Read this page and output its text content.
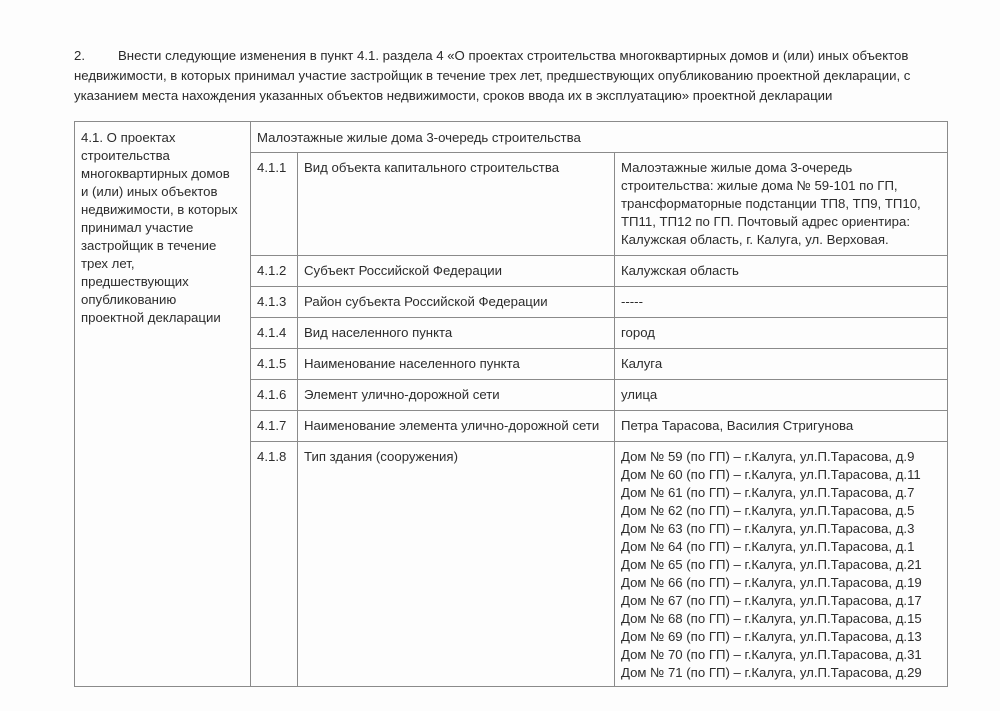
2.	Внести следующие изменения в пункт 4.1. раздела 4 «О проектах строительства многоквартирных домов и (или) иных объектов
недвижимости, в которых принимал участие застройщик в течение трех лет, предшествующих опубликованию проектной декларации, с
указанием места нахождения указанных объектов недвижимости, сроков ввода их в эксплуатацию» проектной декларации
4.1. О проектах
строительства
многоквартирных домов
и (или) иных объектов
недвижимости, в которых
принимал участие
застройщик в течение
трех лет,
предшествующих
опубликованию
проектной декларации
	Малоэтажные жилые дома 3-очередь строительства
	4.1.1	Вид объекта капитального строительства	Малоэтажные жилые дома 3-очередь строительства: жилые дома № 59-101 по ГП, трансформаторные подстанции ТП8, ТП9, ТП10, ТП11, ТП12 по ГП. Почтовый адрес ориентира: Калужская область, г. Калуга, ул. Верховая.
	4.1.2	Субъект Российской Федерации	Калужская область
	4.1.3	Район субъекта Российской Федерации	-----
	4.1.4	Вид населенного пункта	город
	4.1.5	Наименование населенного пункта	Калуга
	4.1.6	Элемент улично-дорожной сети	улица
	4.1.7	Наименование элемента улично-дорожной сети	Петра Тарасова, Василия Стригунова
4.1.8	Тип здания (сооружения)	Дом № 59 (по ГП) – г.Калуга, ул.П.Тарасова, д.9
Дом № 60 (по ГП) – г.Калуга, ул.П.Тарасова, д.11
Дом № 61 (по ГП) – г.Калуга, ул.П.Тарасова, д.7
Дом № 62 (по ГП) – г.Калуга, ул.П.Тарасова, д.5
Дом № 63 (по ГП) – г.Калуга, ул.П.Тарасова, д.3
Дом № 64 (по ГП) – г.Калуга, ул.П.Тарасова, д.1
Дом № 65 (по ГП) – г.Калуга, ул.П.Тарасова, д.21
Дом № 66 (по ГП) – г.Калуга, ул.П.Тарасова, д.19
Дом № 67 (по ГП) – г.Калуга, ул.П.Тарасова, д.17
Дом № 68 (по ГП) – г.Калуга, ул.П.Тарасова, д.15
Дом № 69 (по ГП) – г.Калуга, ул.П.Тарасова, д.13
Дом № 70 (по ГП) – г.Калуга, ул.П.Тарасова, д.31
Дом № 71 (по ГП) – г.Калуга, ул.П.Тарасова, д.29
